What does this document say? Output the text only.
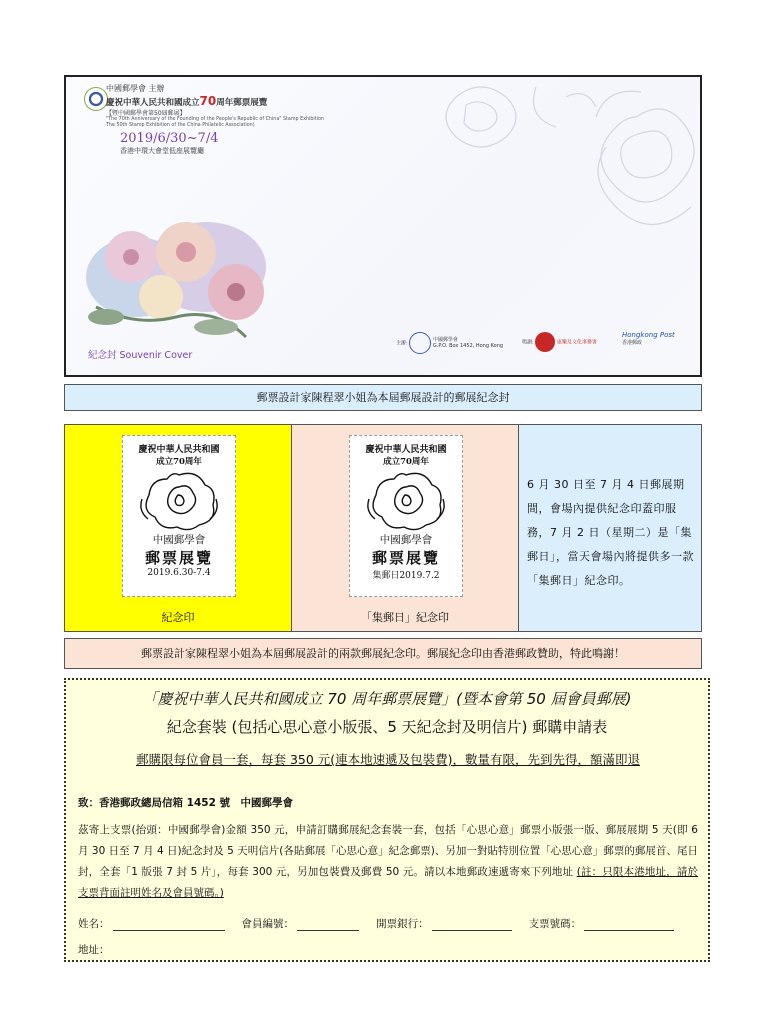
中國郵學會 主辦
慶祝中華人民共和國成立70周年郵票展覽
【暨中國郵學會第50屆郵展】
"The 70th Anniversary of the Founding of the People's Republic of China" Stamp Exhibition
The 50th Stamp Exhibition of the China Philatelic Association)
2019/6/30~7/4
香港中環大會堂低座展覽廳
紀念封 Souvenir Cover
主辦:  中國郵學會
G.P.O. Box 1452, Hong Kong
鳴謝:	康樂及文化事務署
Hongkong Post
香港郵政
郵票設計家陳程翠小姐為本屆郵展設計的郵展紀念封
慶祝中華人民共和國
成立70周年
中國郵學會
郵票展覽
2019.6.30-7.4
紀念印
慶祝中華人民共和國
成立70周年
中國郵學會
郵票展覽
集郵日2019.7.2
「集郵日」紀念印
6 月 30 日至 7 月 4 日郵展期間，會場內提供紀念印蓋印服務，7 月 2 日（星期二）是「集郵日」，當天會場內將提供多一款「集郵日」紀念印。
郵票設計家陳程翠小姐為本屆郵展設計的兩款郵展紀念印。郵展紀念印由香港郵政贊助，特此鳴謝！
「慶祝中華人民共和國成立 70 周年郵票展覽」(暨本會第 50 屆會員郵展)
紀念套裝 (包括心思心意小版張、5 天紀念封及明信片) 郵購申請表
郵購限每位會員一套，每套 350 元(連本地速遞及包裝費)，數量有限，先到先得，額滿即退
致：香港郵政總局信箱 1452 號　中國郵學會
茲寄上支票(抬頭：中國郵學會)金額 350 元，申請訂購郵展紀念套裝一套，包括「心思心意」郵票小版張一版、郵展展期 5 天(即 6 月 30 日至 7 月 4 日)紀念封及 5 天明信片(各貼郵展「心思心意」紀念郵票)、另加一對貼特別位置「心思心意」郵票的郵展首、尾日封，全套「1 版張 7 封 5 片」，每套 300 元，另加包裝費及郵費 50 元。請以本地郵政速遞寄來下列地址 (註：只限本港地址，請於支票背面註明姓名及會員號碼。)
姓名：	會員編號：	開票銀行：	支票號碼：
地址：
